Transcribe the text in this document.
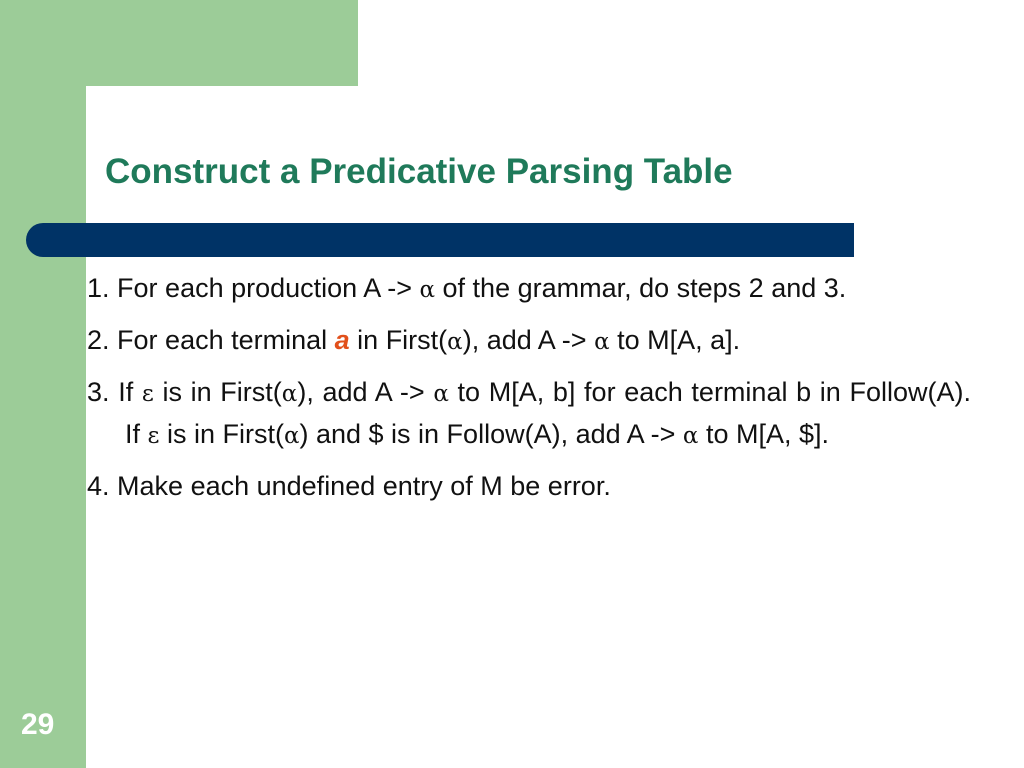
Construct a Predicative Parsing Table

1. For each production A -> α of the grammar, do steps 2 and 3.

2. For each terminal a in First(α), add A -> α to M[A, a].

3. If ε is in First(α), add A -> α to M[A, b] for each terminal b in Follow(A). If ε is in First(α) and $ is in Follow(A), add A -> α to M[A, $].

4. Make each undefined entry of M be error.

29
